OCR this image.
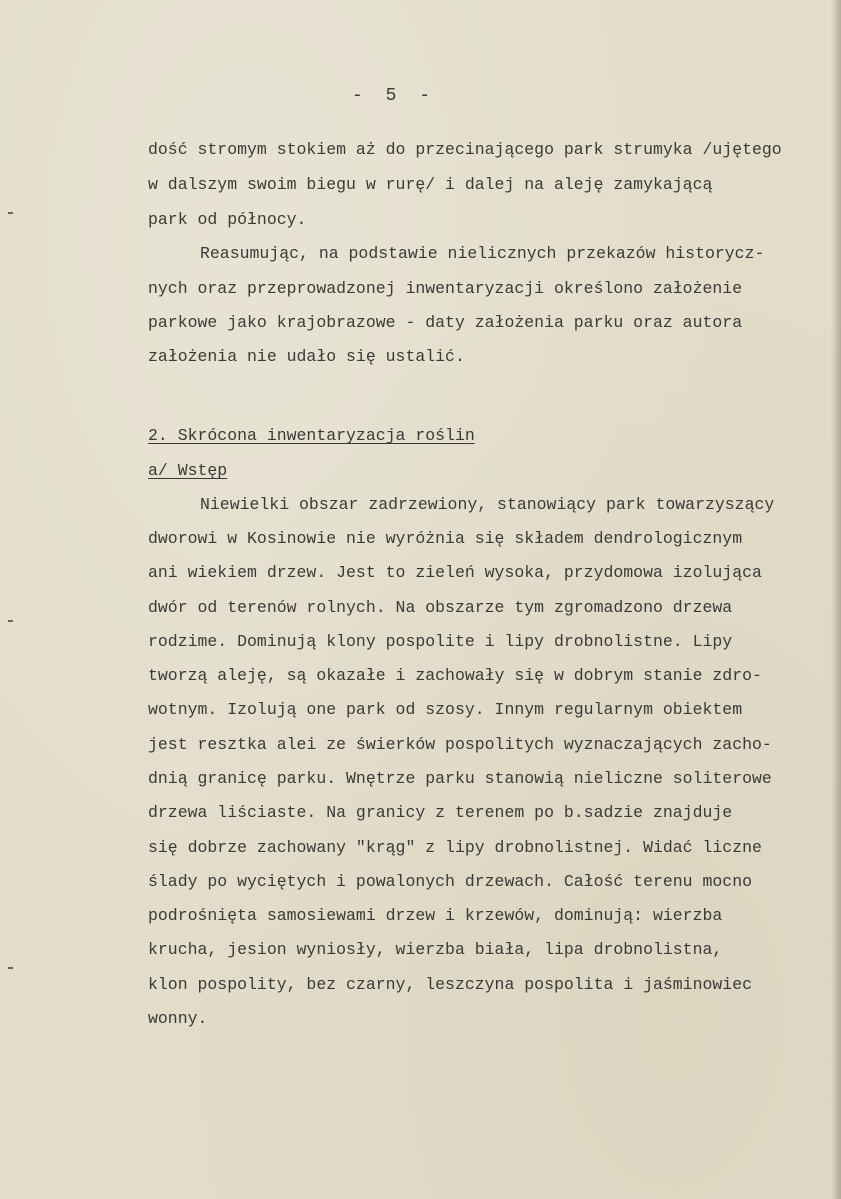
- 5 -
dość stromym stokiem aż do przecinającego park strumyka /ujętego
w dalszym swoim biegu w rurę/ i dalej na aleję zamykającą
park od północy.
Reasumując, na podstawie nielicznych przekazów historycz-
nych oraz przeprowadzonej inwentaryzacji określono założenie
parkowe jako krajobrazowe - daty założenia parku oraz autora
założenia nie udało się ustalić.
2. Skrócona inwentaryzacja roślin
a/ Wstęp
Niewielki obszar zadrzewiony, stanowiący park towarzyszący
dworowi w Kosinowie nie wyróżnia się składem dendrologicznym
ani wiekiem drzew. Jest to zieleń wysoka, przydomowa izolująca
dwór od terenów rolnych. Na obszarze tym zgromadzono drzewa
rodzime. Dominują klony pospolite i lipy drobnolistne. Lipy
tworzą aleję, są okazałe i zachowały się w dobrym stanie zdro-
wotnym. Izolują one park od szosy. Innym regularnym obiektem
jest resztka alei ze świerków pospolitych wyznaczających zacho-
dnią granicę parku. Wnętrze parku stanowią nieliczne soliterowe
drzewa liściaste. Na granicy z terenem po b.sadzie znajduje
się dobrze zachowany "krąg" z lipy drobnolistnej. Widać liczne
ślady po wyciętych i powalonych drzewach. Całość terenu mocno
podrośnięta samosiewami drzew i krzewów, dominują: wierzba
krucha, jesion wyniosły, wierzba biała, lipa drobnolistna,
klon pospolity, bez czarny, leszczyna pospolita i jaśminowiec
wonny.
